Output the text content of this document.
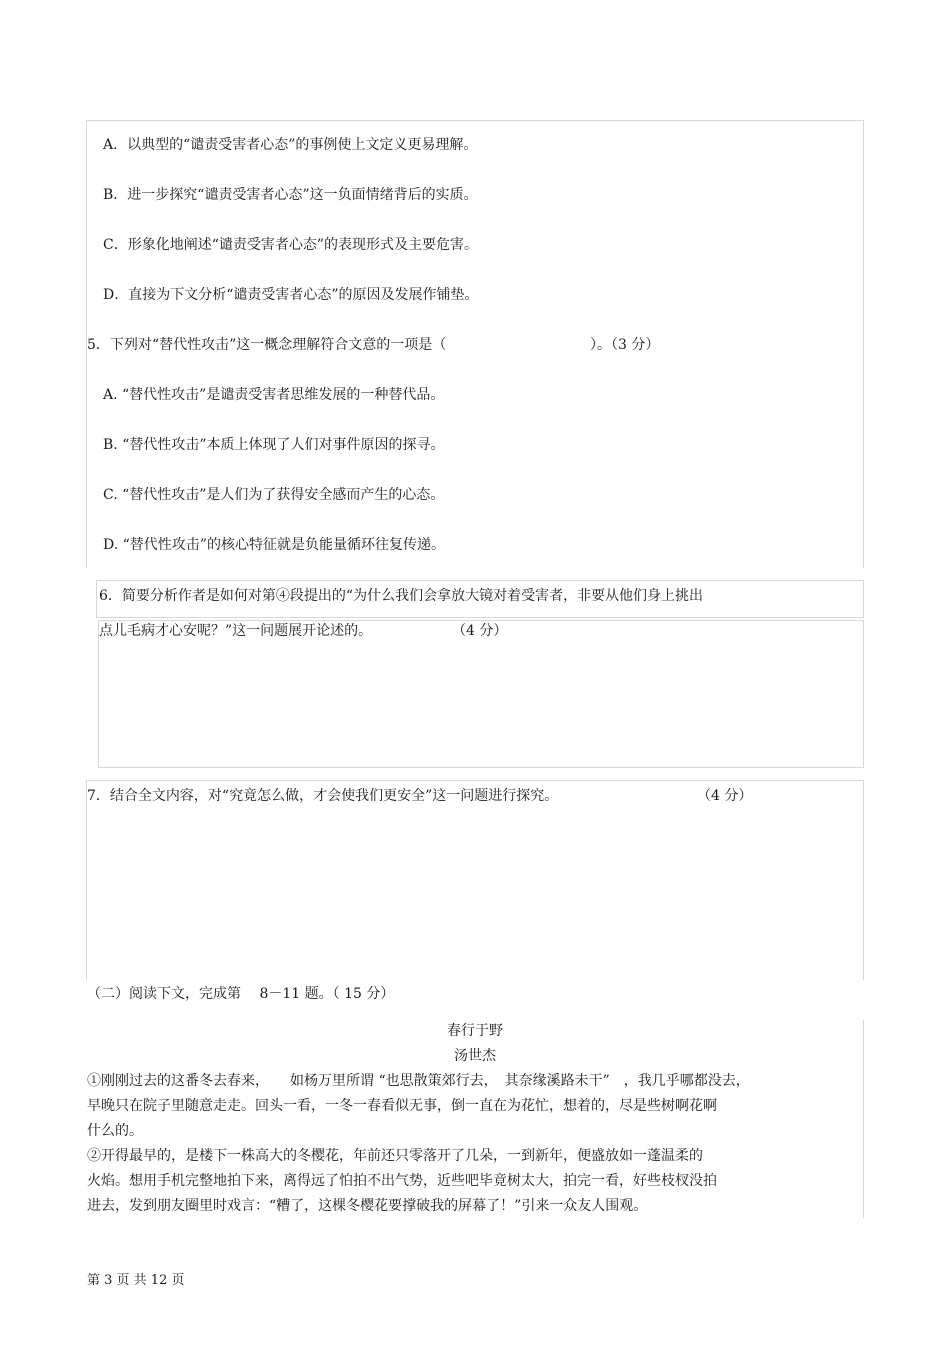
A．以典型的“谴责受害者心态”的事例使上文定义更易理解。
B．进一步探究“谴责受害者心态”这一负面情绪背后的实质。
C．形象化地阐述“谴责受害者心态”的表现形式及主要危害。
D．直接为下文分析“谴责受害者心态”的原因及发展作铺垫。
5．下列对“替代性攻击”这一概念理解符合文意的一项是（	）。（3 分）
A. “替代性攻击”是谴责受害者思维发展的一种替代品。
B. “替代性攻击”本质上体现了人们对事件原因的探寻。
C. “替代性攻击”是人们为了获得安全感而产生的心态。
D. “替代性攻击”的核心特征就是负能量循环往复传递。
6．简要分析作者是如何对第④段提出的“为什么我们会拿放大镜对着受害者，非要从他们身上挑出
点儿毛病才心安呢？”这一问题展开论述的。	（4 分）
7．结合全文内容，对“究竟怎么做，才会使我们更安全”这一问题进行探究。	（4 分）
（二）阅读下文，完成第　 8－11 题。（ 15 分）
春行于野
汤世杰
①刚刚过去的这番冬去春来，　　如杨万里所谓 “也思散策郊行去，　其奈缘溪路未干”　，我几乎哪都没去，
早晚只在院子里随意走走。回头一看，一冬一春看似无事，倒一直在为花忙，想着的，尽是些树啊花啊
什么的。
②开得最早的，是楼下一株高大的冬樱花，年前还只零落开了几朵，一到新年，便盛放如一蓬温柔的
火焰。想用手机完整地拍下来，离得远了怕拍不出气势，近些吧毕竟树太大，拍完一看，好些枝杈没拍
进去，发到朋友圈里时戏言：“糟了，这棵冬樱花要撑破我的屏幕了！”引来一众友人围观。
第 3 页 共 12 页
